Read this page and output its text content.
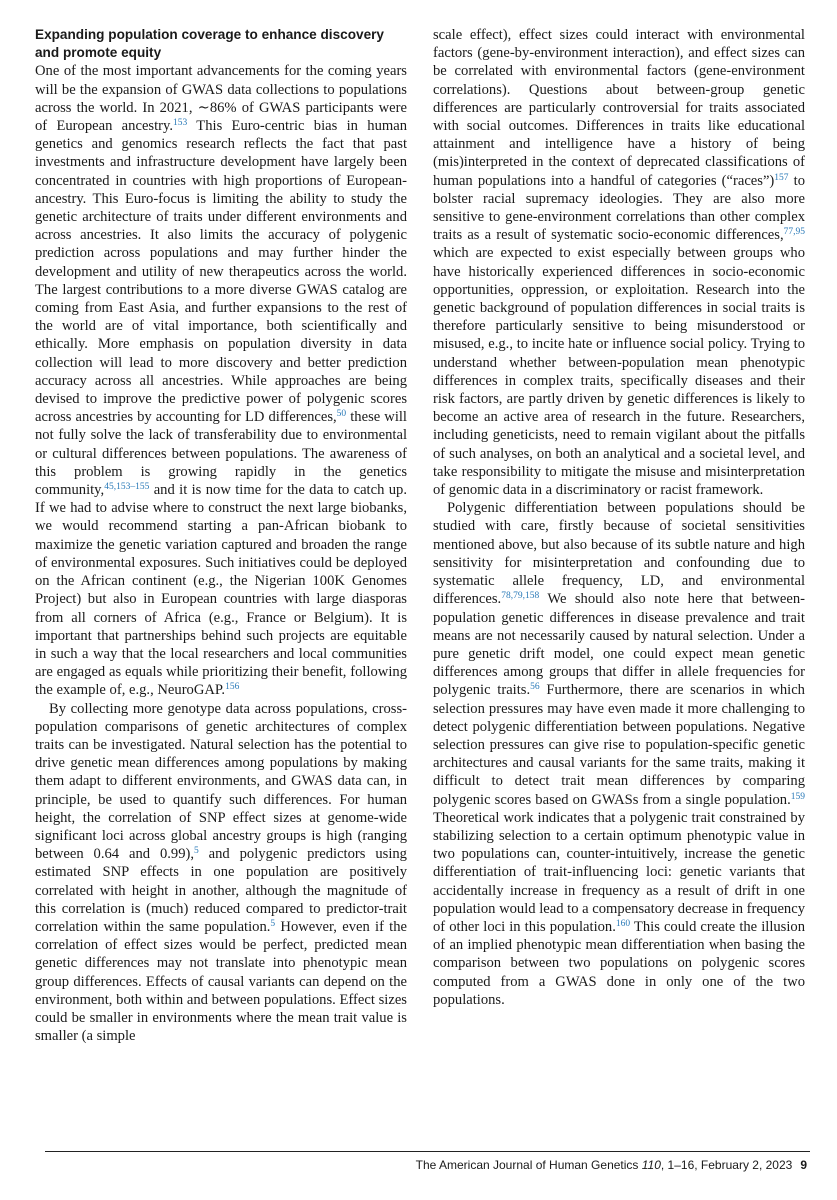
Expanding population coverage to enhance discovery and promote equity

One of the most important advancements for the coming years will be the expansion of GWAS data collections to populations across the world. In 2021, ∼86% of GWAS participants were of European ancestry.$^{153}$ This Euro-centric bias in human genetics and genomics research reflects the fact that past investments and infrastructure development have largely been concentrated in countries with high proportions of European-ancestry. This Euro-focus is limiting the ability to study the genetic architecture of traits under different environments and across ancestries. It also limits the accuracy of polygenic prediction across populations and may further hinder the development and utility of new therapeutics across the world. The largest contributions to a more diverse GWAS catalog are coming from East Asia, and further expansions to the rest of the world are of vital importance, both scientifically and ethically. More emphasis on population diversity in data collection will lead to more discovery and better prediction accuracy across all ancestries. While approaches are being devised to improve the predictive power of polygenic scores across ancestries by accounting for LD differences,$^{50}$ these will not fully solve the lack of transferability due to environmental or cultural differences between populations. The awareness of this problem is growing rapidly in the genetics community,$^{45,153-155}$ and it is now time for the data to catch up. If we had to advise where to construct the next large biobanks, we would recommend starting a pan-African biobank to maximize the genetic variation captured and broaden the range of environmental exposures. Such initiatives could be deployed on the African continent (e.g., the Nigerian 100K Genomes Project) but also in European countries with large diasporas from all corners of Africa (e.g., France or Belgium). It is important that partnerships behind such projects are equitable in such a way that the local researchers and local communities are engaged as equals while prioritizing their benefit, following the example of, e.g., NeuroGAP.$^{156}$

By collecting more genotype data across populations, cross-population comparisons of genetic architectures of complex traits can be investigated. Natural selection has the potential to drive genetic mean differences among populations by making them adapt to different environments, and GWAS data can, in principle, be used to quantify such differences. For human height, the correlation of SNP effect sizes at genome-wide significant loci across global ancestry groups is high (ranging between 0.64 and 0.99),$^5$ and polygenic predictors using estimated SNP effects in one population are positively correlated with height in another, although the magnitude of this correlation is (much) reduced compared to predictor-trait correlation within the same population.$^5$ However, even if the correlation of effect sizes would be perfect, predicted mean genetic differences may not translate into phenotypic mean group differences. Effects of causal variants can depend on the environment, both within and between populations. Effect sizes could be smaller in environments where the mean trait value is smaller (a simple

scale effect), effect sizes could interact with environmental factors (gene-by-environment interaction), and effect sizes can be correlated with environmental factors (gene-environment correlations). Questions about between-group genetic differences are particularly controversial for traits associated with social outcomes. Differences in traits like educational attainment and intelligence have a history of being (mis)interpreted in the context of deprecated classifications of human populations into a handful of categories (“races”)$^{157}$ to bolster racial supremacy ideologies. They are also more sensitive to gene-environment correlations than other complex traits as a result of systematic socio-economic differences,$^{77,95}$ which are expected to exist especially between groups who have historically experienced differences in socio-economic opportunities, oppression, or exploitation. Research into the genetic background of population differences in social traits is therefore particularly sensitive to being misunderstood or misused, e.g., to incite hate or influence social policy. Trying to understand whether between-population mean phenotypic differences in complex traits, specifically diseases and their risk factors, are partly driven by genetic differences is likely to become an active area of research in the future. Researchers, including geneticists, need to remain vigilant about the pitfalls of such analyses, on both an analytical and a societal level, and take responsibility to mitigate the misuse and misinterpretation of genomic data in a discriminatory or racist framework.

Polygenic differentiation between populations should be studied with care, firstly because of societal sensitivities mentioned above, but also because of its subtle nature and high sensitivity for misinterpretation and confounding due to systematic allele frequency, LD, and environmental differences.$^{78,79,158}$ We should also note here that between-population genetic differences in disease prevalence and trait means are not necessarily caused by natural selection. Under a pure genetic drift model, one could expect mean genetic differences among groups that differ in allele frequencies for polygenic traits.$^{56}$ Furthermore, there are scenarios in which selection pressures may have even made it more challenging to detect polygenic differentiation between populations. Negative selection pressures can give rise to population-specific genetic architectures and causal variants for the same traits, making it difficult to detect trait mean differences by comparing polygenic scores based on GWASs from a single population.$^{159}$ Theoretical work indicates that a polygenic trait constrained by stabilizing selection to a certain optimum phenotypic value in two populations can, counter-intuitively, increase the genetic differentiation of trait-influencing loci: genetic variants that accidentally increase in frequency as a result of drift in one population would lead to a compensatory decrease in frequency of other loci in this population.$^{160}$ This could create the illusion of an implied phenotypic mean differentiation when basing the comparison between two populations on polygenic scores computed from a GWAS done in only one of the two populations.

The American Journal of Human Genetics 110, 1–16, February 2, 2023 9
